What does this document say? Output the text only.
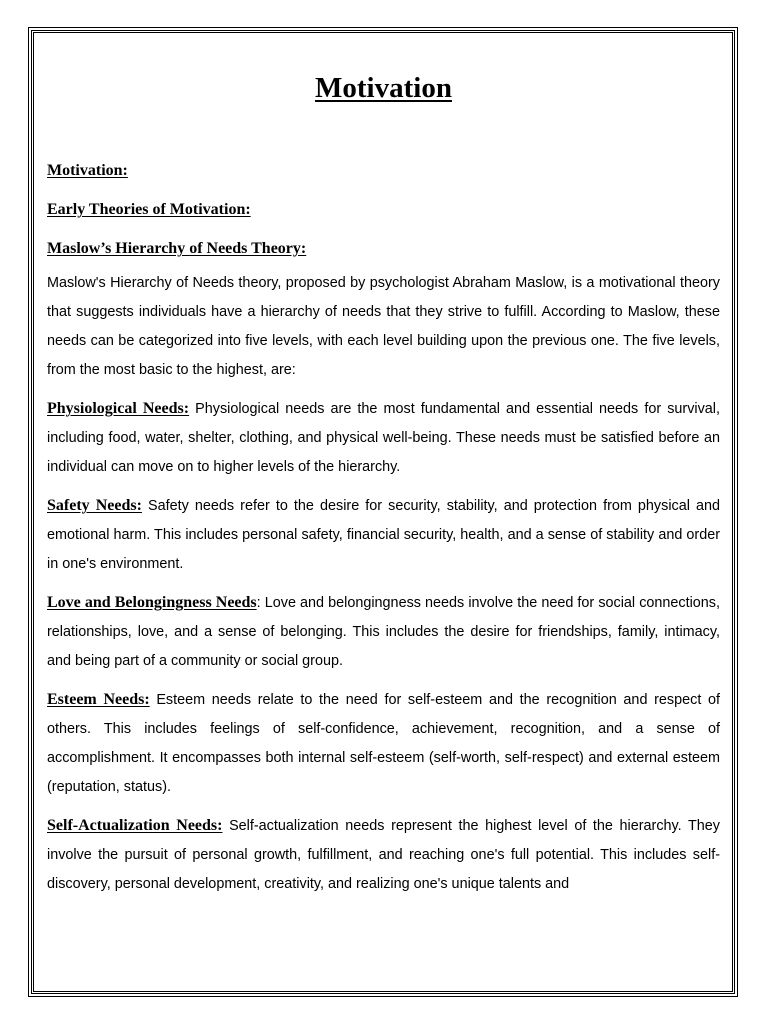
Motivation
Motivation:
Early Theories of Motivation:
Maslow’s Hierarchy of Needs Theory:

Maslow's Hierarchy of Needs theory, proposed by psychologist Abraham Maslow, is a motivational theory that suggests individuals have a hierarchy of needs that they strive to fulfill. According to Maslow, these needs can be categorized into five levels, with each level building upon the previous one. The five levels, from the most basic to the highest, are:

Physiological Needs: Physiological needs are the most fundamental and essential needs for survival, including food, water, shelter, clothing, and physical well-being. These needs must be satisfied before an individual can move on to higher levels of the hierarchy.

Safety Needs: Safety needs refer to the desire for security, stability, and protection from physical and emotional harm. This includes personal safety, financial security, health, and a sense of stability and order in one's environment.

Love and Belongingness Needs: Love and belongingness needs involve the need for social connections, relationships, love, and a sense of belonging. This includes the desire for friendships, family, intimacy, and being part of a community or social group.

Esteem Needs: Esteem needs relate to the need for self-esteem and the recognition and respect of others. This includes feelings of self-confidence, achievement, recognition, and a sense of accomplishment. It encompasses both internal self-esteem (self-worth, self-respect) and external esteem (reputation, status).

Self-Actualization Needs: Self-actualization needs represent the highest level of the hierarchy. They involve the pursuit of personal growth, fulfillment, and reaching one's full potential. This includes self-discovery, personal development, creativity, and realizing one's unique talents and
